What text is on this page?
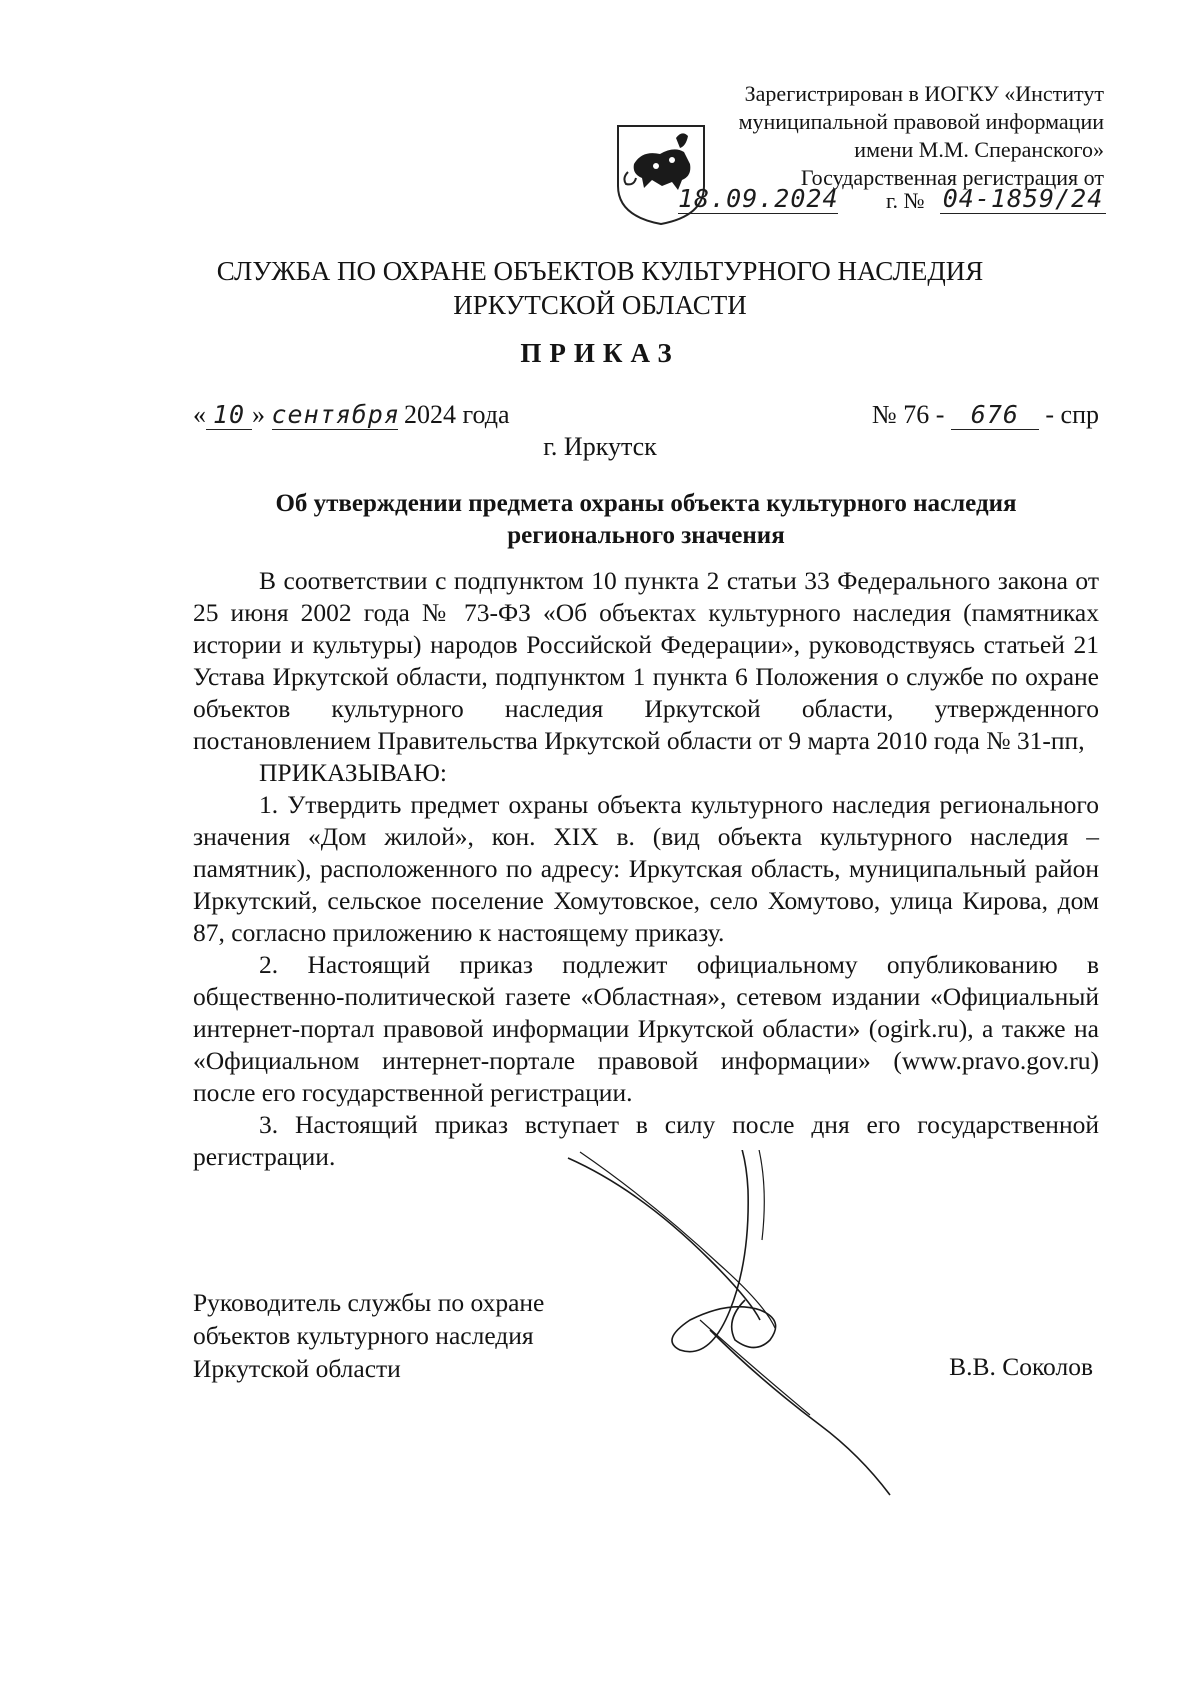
Зарегистрирован в ИОГКУ «Институт
муниципальной правовой информации
имени М.М. Сперанского»
Государственная регистрация от
18.09.2024 г. № 04-1859/24
СЛУЖБА ПО ОХРАНЕ ОБЪЕКТОВ КУЛЬТУРНОГО НАСЛЕДИЯ
ИРКУТСКОЙ ОБЛАСТИ
ПРИКАЗ
« 10 » сентября 2024 года	№ 76 - 676 - спр
г. Иркутск
Об утверждении предмета охраны объекта культурного наследия
регионального значения

В соответствии с подпунктом 10 пункта 2 статьи 33 Федерального закона от 25 июня 2002 года № 73-ФЗ «Об объектах культурного наследия (памятниках истории и культуры) народов Российской Федерации», руководствуясь статьей 21 Устава Иркутской области, подпунктом 1 пункта 6 Положения о службе по охране объектов культурного наследия Иркутской области, утвержденного постановлением Правительства Иркутской области от 9 марта 2010 года № 31-пп,

ПРИКАЗЫВАЮ:

1. Утвердить предмет охраны объекта культурного наследия регионального значения «Дом жилой», кон. XIX в. (вид объекта культурного наследия – памятник), расположенного по адресу: Иркутская область, муниципальный район Иркутский, сельское поселение Хомутовское, село Хомутово, улица Кирова, дом 87, согласно приложению к настоящему приказу.

2. Настоящий приказ подлежит официальному опубликованию в общественно-политической газете «Областная», сетевом издании «Официальный интернет-портал правовой информации Иркутской области» (ogirk.ru), а также на «Официальном интернет-портале правовой информации» (www.pravo.gov.ru) после его государственной регистрации.

3. Настоящий приказ вступает в силу после дня его государственной регистрации.

Руководитель службы по охране
объектов культурного наследия
Иркутской области	В.В. Соколов
